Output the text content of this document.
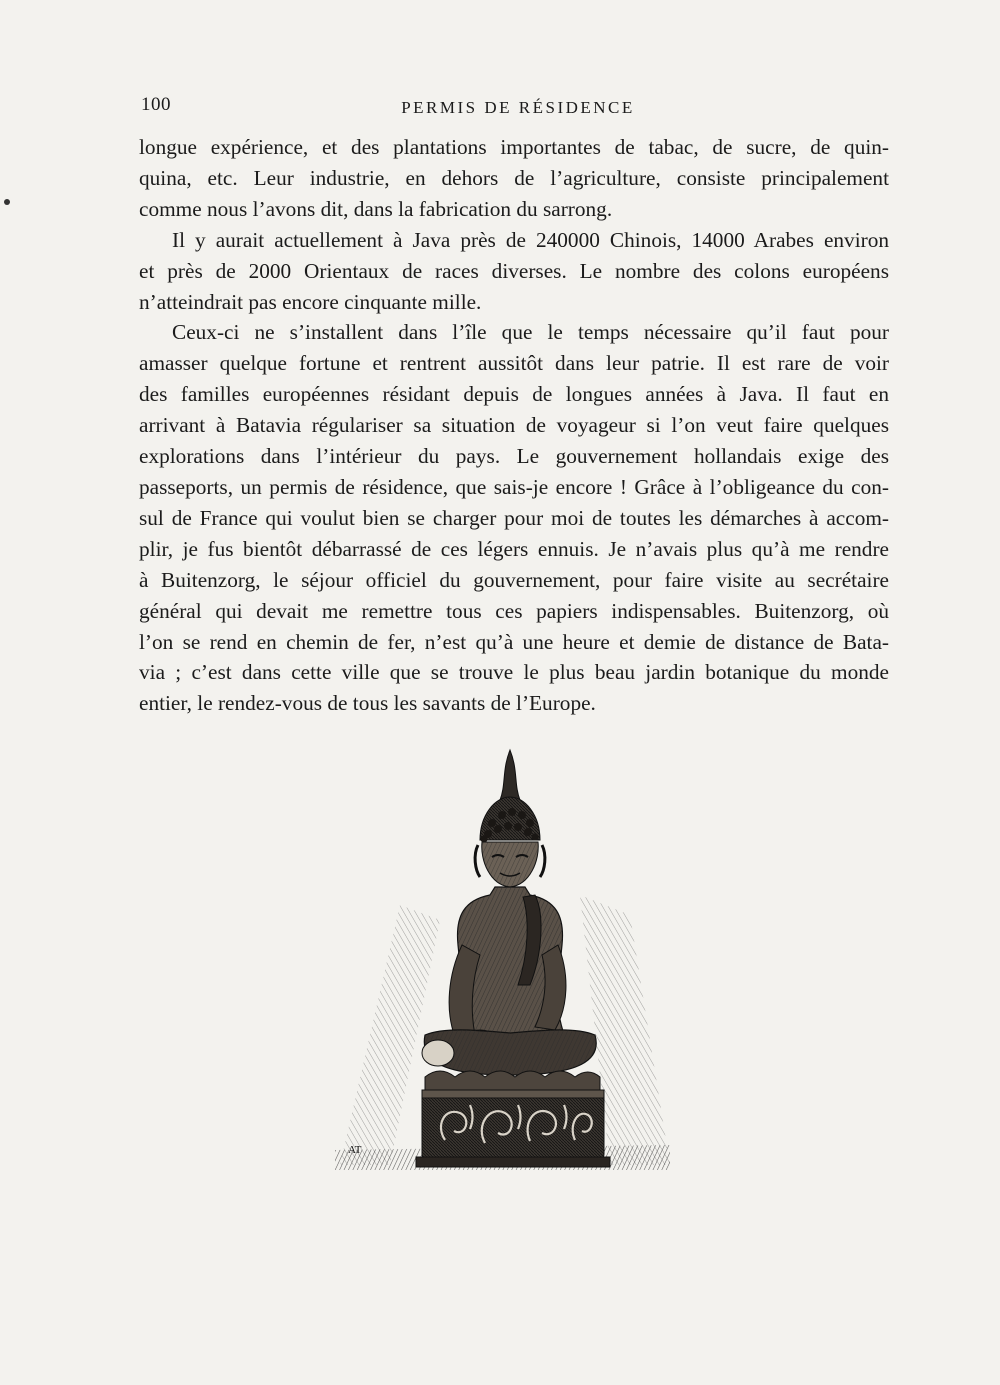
100	PERMIS DE RÉSIDENCE

longue expérience, et des plantations importantes de tabac, de sucre, de quin-
quina, etc. Leur industrie, en dehors de l’agriculture, consiste principalement
comme nous l’avons dit, dans la fabrication du sarrong.

Il y aurait actuellement à Java près de 240000 Chinois, 14000 Arabes environ
et près de 2000 Orientaux de races diverses. Le nombre des colons européens
n’atteindrait pas encore cinquante mille.

Ceux-ci ne s’installent dans l’île que le temps nécessaire qu’il faut pour
amasser quelque fortune et rentrent aussitôt dans leur patrie. Il est rare de voir
des familles européennes résidant depuis de longues années à Java. Il faut en
arrivant à Batavia régulariser sa situation de voyageur si l’on veut faire quelques
explorations dans l’intérieur du pays. Le gouvernement hollandais exige des
passeports, un permis de résidence, que sais-je encore ! Grâce à l’obligeance du con-
sul de France qui voulut bien se charger pour moi de toutes les démarches à accom-
plir, je fus bientôt débarrassé de ces légers ennuis. Je n’avais plus qu’à me rendre
à Buitenzorg, le séjour officiel du gouvernement, pour faire visite au secrétaire
général qui devait me remettre tous ces papiers indispensables. Buitenzorg, où
l’on se rend en chemin de fer, n’est qu’à une heure et demie de distance de Bata-
via ; c’est dans cette ville que se trouve le plus beau jardin botanique du monde
entier, le rendez-vous de tous les savants de l’Europe.

AT
